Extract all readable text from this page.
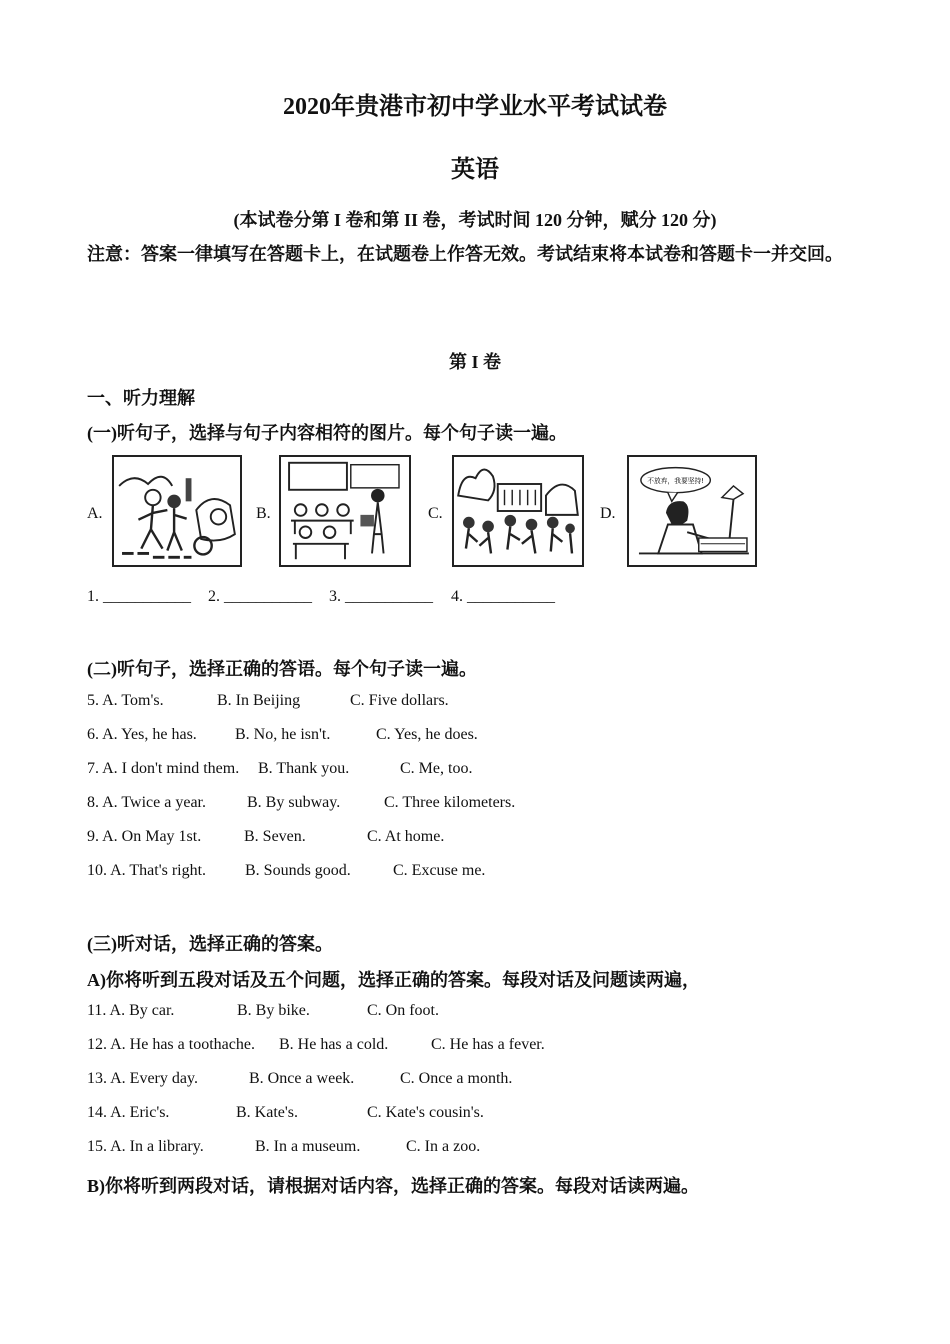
2020年贵港市初中学业水平考试试卷
英语

(本试卷分第 I 卷和第 II 卷，考试时间 120 分钟，赋分 120 分)

注意：答案一律填写在答题卡上，在试题卷上作答无效。考试结束将本试卷和答题卡一并交回。

第 I 卷

一、听力理解

(一)听句子，选择与句子内容相符的图片。每个句子读一遍。

A.	B.	C.	D.
不放弃，我要坚持!

1. ___________ 2. ___________ 3. ___________ 4. ___________

(二)听句子，选择正确的答语。每个句子读一遍。

5. A. Tom's.	B. In Beijing	C. Five dollars.
6. A. Yes, he has. B. No, he isn't.	C. Yes, he does.
7. A. I don't mind them. B. Thank you.	C. Me, too.
8. A. Twice a year.	B. By subway.	C. Three kilometers.
9. A. On May 1st.	B. Seven.	C. At home.
10. A. That's right. B. Sounds good.	C. Excuse me.

(三)听对话，选择正确的答案。

A)你将听到五段对话及五个问题，选择正确的答案。每段对话及问题读两遍，

11. A. By car.	B. By bike.	C. On foot.
12. A. He has a toothache. B. He has a cold.	C. He has a fever.
13. A. Every day.	B. Once a week.	C. Once a month.
14. A. Eric's.	B. Kate's.	C. Kate's cousin's.
15. A. In a library.	B. In a museum.	C. In a zoo.

B)你将听到两段对话，请根据对话内容，选择正确的答案。每段对话读两遍。
